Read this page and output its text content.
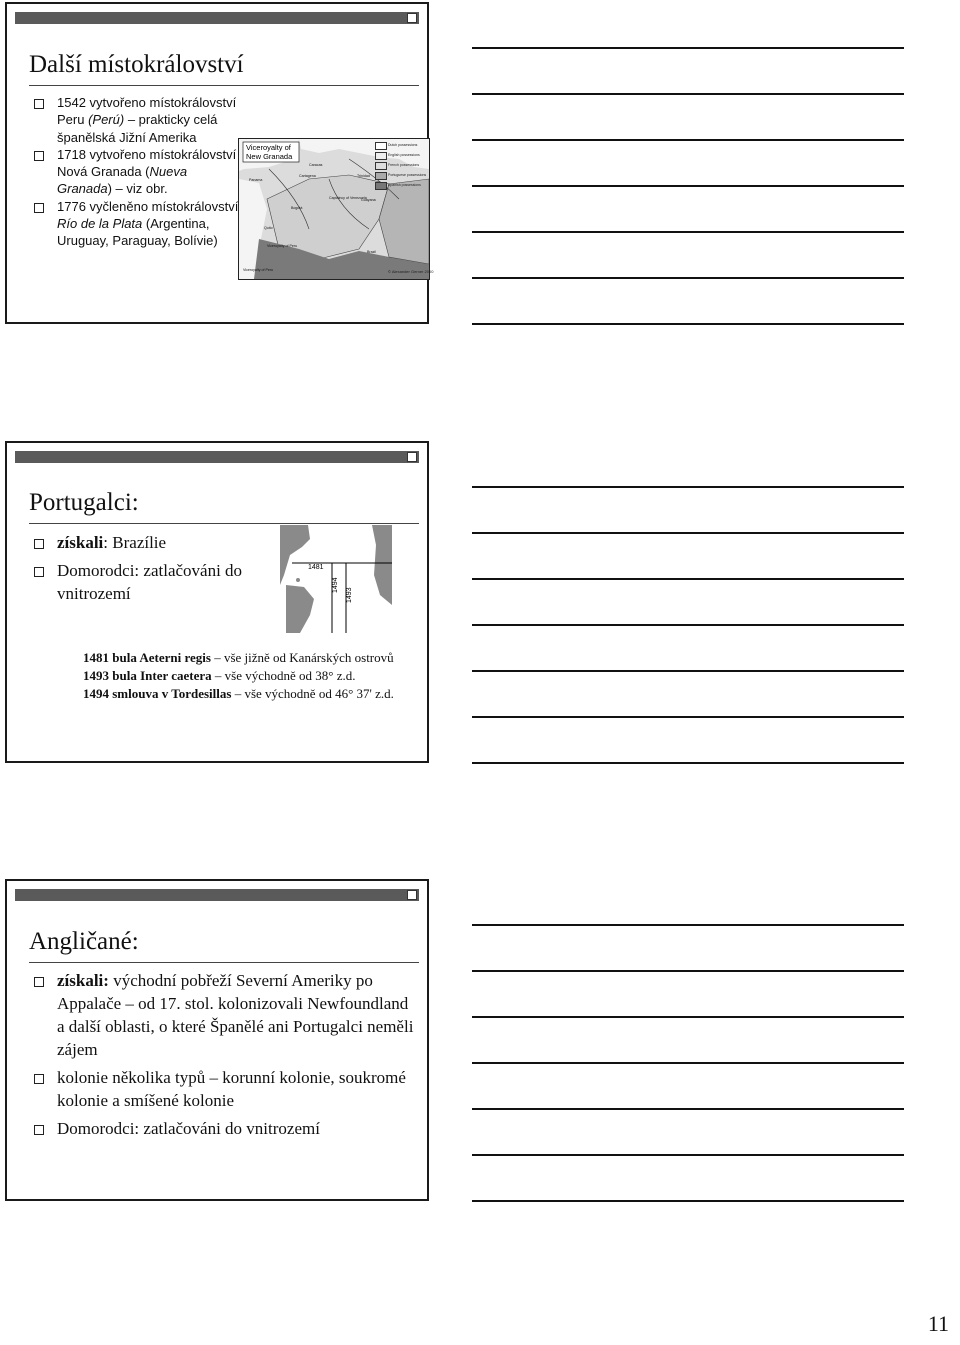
Další místokrálovství
1542 vytvořeno místokrálovství Peru (Perú) – prakticky celá španělská Jižní Amerika
1718 vytvořeno místokrálovství Nová Granada (Nueva Granada) – viz obr.
1776 vyčleněno místokrálovství Río de la Plata (Argentina, Uruguay, Paraguay, Bolívie)
Viceroyalty of
New Granada
Panama
Caracas
Cartagena
Bogotá
Quito
Trinidad
Guayana
Captaincy of Venezuela
Viceroyalty of Peru
Brazil
Viceroyalty of Peru
Dutch possessions
English possessions
French possessions
Portuguese possessions
Spanish possessions
© Alexander Gerner 2000
Portugalci:
získali: Brazílie
Domorodci: zatlačováni do vnitrozemí
1481 bula Aeterni regis – vše jižně od Kanárských ostrovů
1493 bula Inter caetera – vše východně od 38° z.d.
1494 smlouva v Tordesillas – vše východně od 46° 37' z.d.
1481
1494
1493
Angličané:
získali: východní pobřeží Severní Ameriky po Appalače – od 17. stol. kolonizovali Newfoundland a další oblasti, o které Španělé ani Portugalci neměli zájem
kolonie několika typů – korunní kolonie, soukromé kolonie a smíšené kolonie
Domorodci: zatlačováni do vnitrozemí
11
